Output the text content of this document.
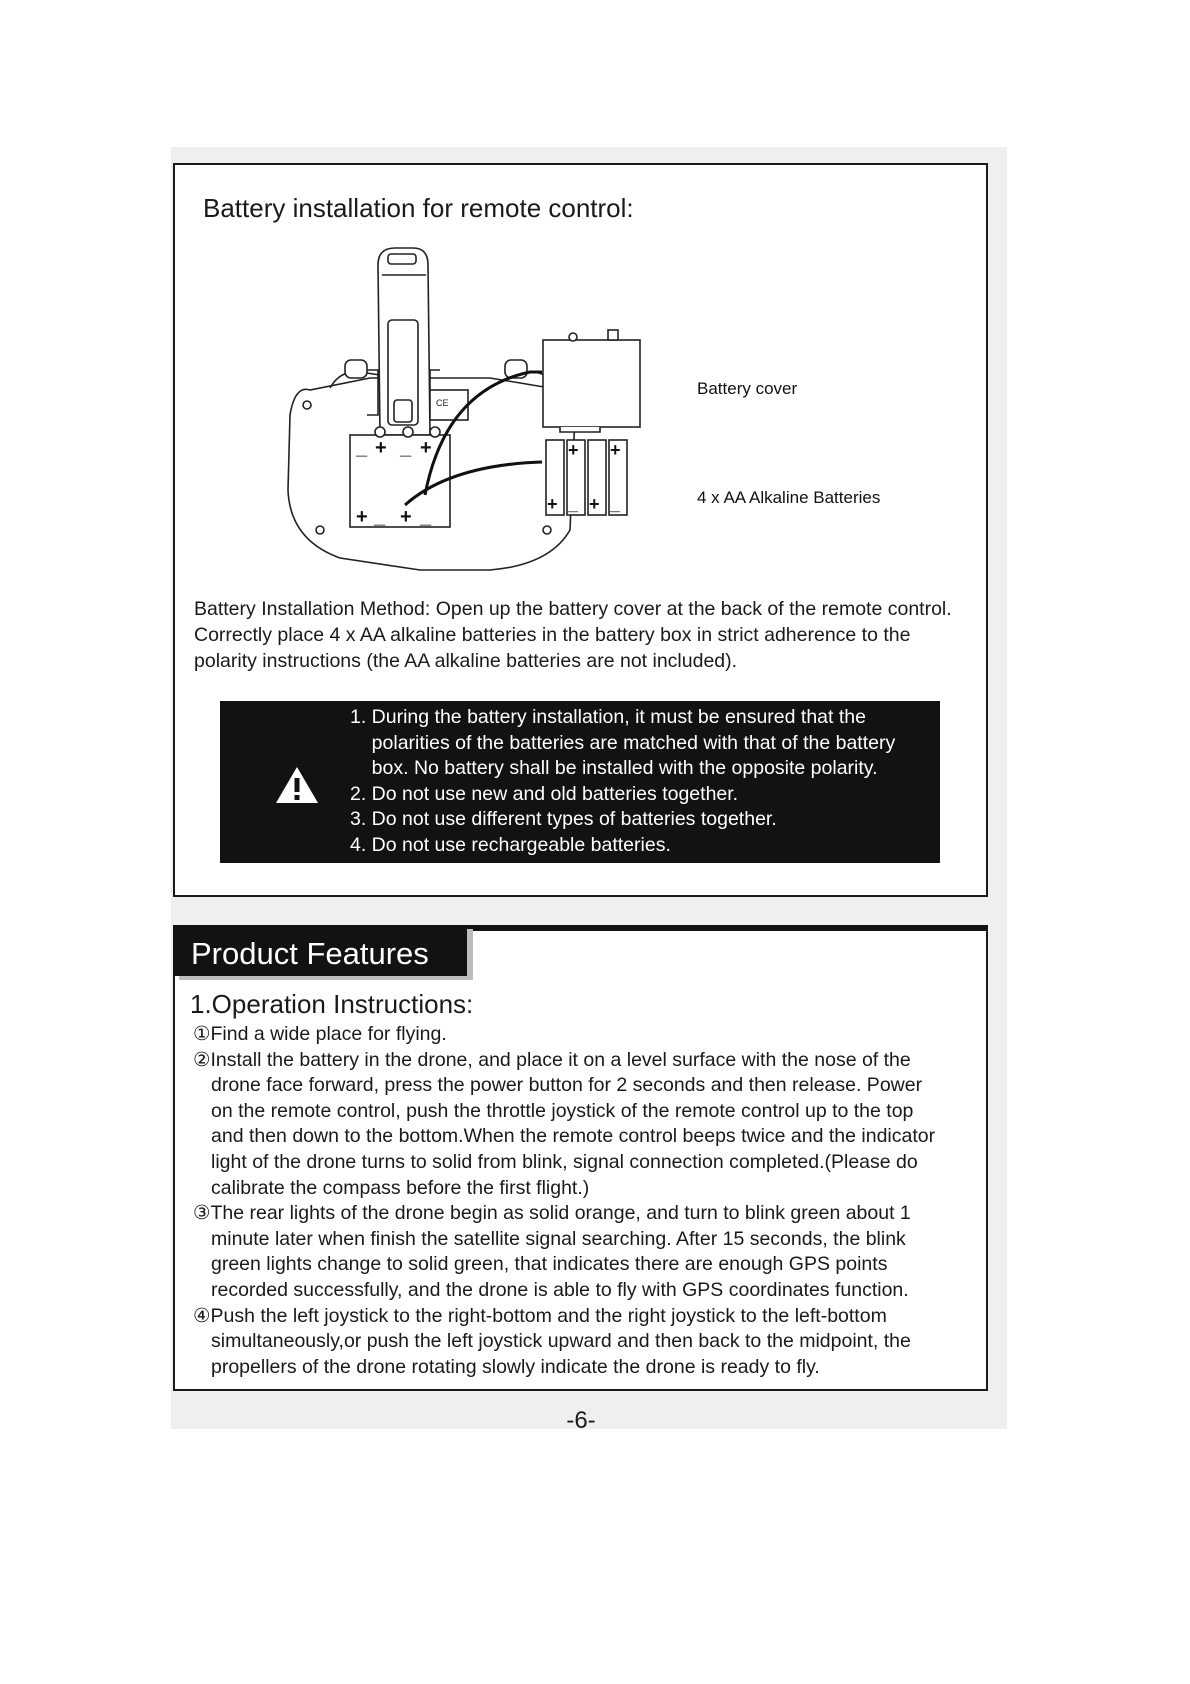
Battery installation for remote control:
CE
_ + _ +
+ _ + _
+ +
+ +
_ _
Battery cover
4 x AA Alkaline Batteries

Battery Installation Method: Open up the battery cover at the back of the remote control.

Correctly place 4 x AA alkaline batteries in the battery box in strict adherence to the

polarity instructions (the AA alkaline batteries are not included).

1. During the battery installation, it must be ensured that the

polarities of the batteries are matched with that of the battery

box. No battery shall be installed with the opposite polarity.

2. Do not use new and old batteries together.

3. Do not use different types of batteries together.

4. Do not use rechargeable batteries.

Product Features
1.Operation Instructions:

①Find a wide place for flying.

②Install the battery in the drone, and place it on a level surface with the nose of the

drone face forward, press the power button for 2 seconds and then release. Power

on the remote control, push the throttle joystick of the remote control up to the top

and then down to the bottom.When the remote control beeps twice and the indicator

light of the drone turns to solid from blink, signal connection completed.(Please do

calibrate the compass before the first flight.)

③The rear lights of the drone begin as solid orange, and turn to blink green about 1

minute later when finish the satellite signal searching. After 15 seconds, the blink

green lights change to solid green, that indicates there are enough GPS points

recorded successfully, and the drone is able to fly with GPS coordinates function.

④Push the left joystick to the right-bottom and the right joystick to the left-bottom

simultaneously,or push the left joystick upward and then back to the midpoint, the

propellers of the drone rotating slowly indicate the drone is ready to fly.

-6-
